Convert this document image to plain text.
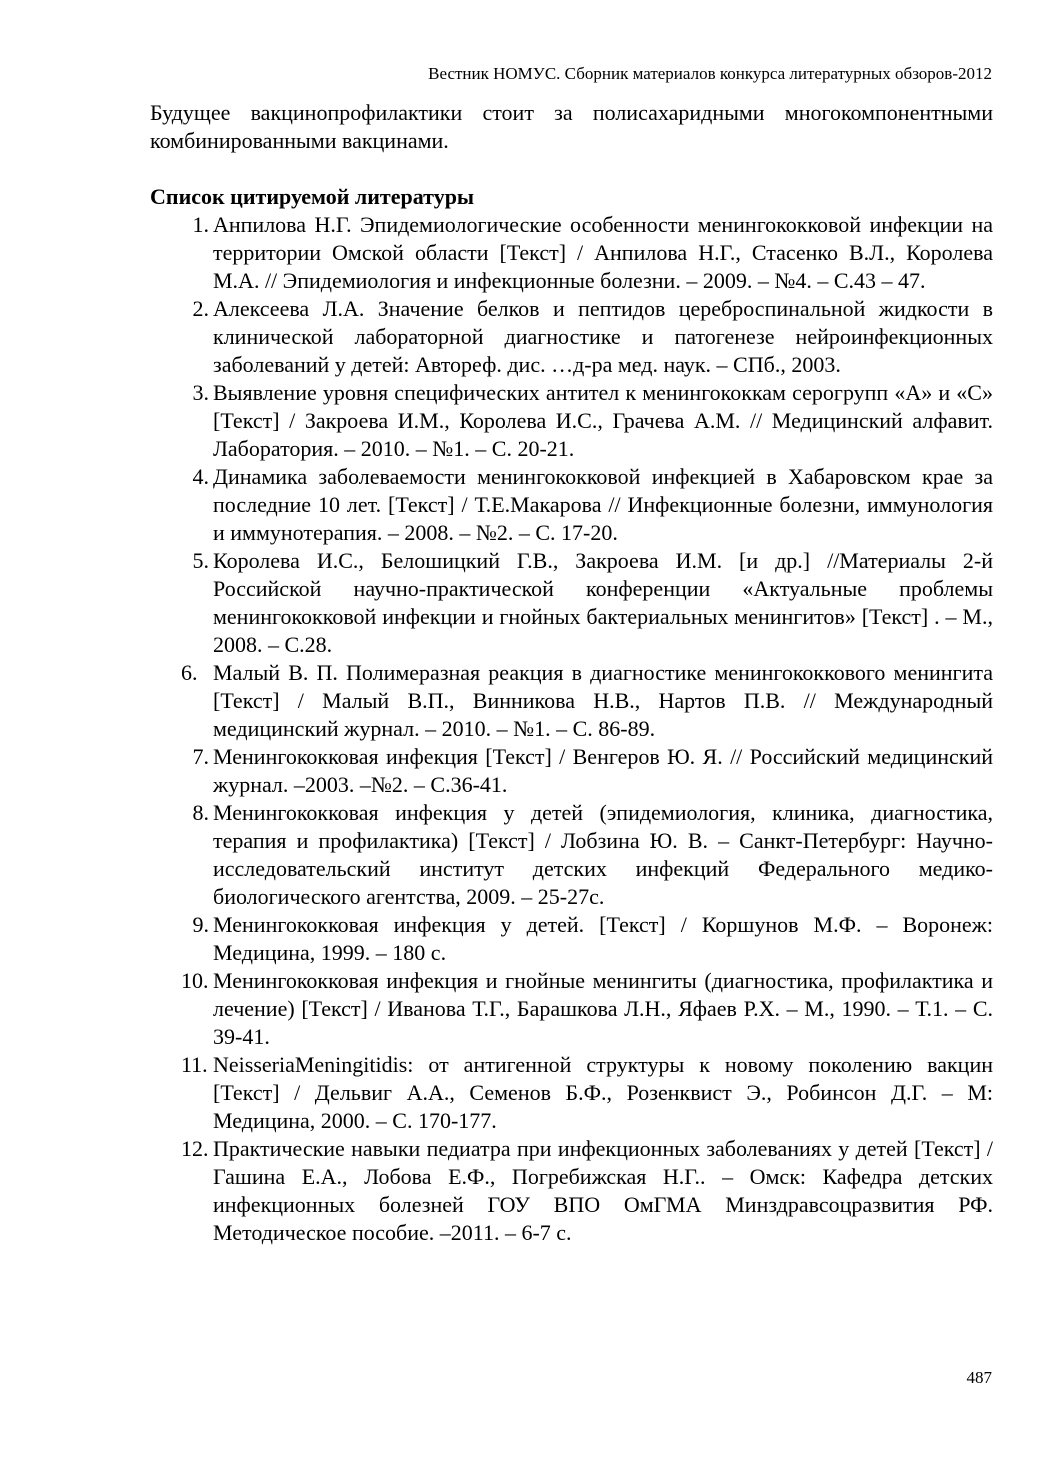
Вестник НОМУС. Сборник материалов конкурса литературных обзоров-2012

Будущее вакцинопрофилактики стоит за полисахаридными многокомпонентными комбинированными вакцинами.

Список цитируемой литературы
1. Анпилова Н.Г. Эпидемиологические особенности менингококковой инфекции на территории Омской области [Текст] / Анпилова Н.Г., Стасенко В.Л., Королева М.А. // Эпидемиология и инфекционные болезни. – 2009. – №4. – С.43 – 47.
2. Алексеева Л.А. Значение белков и пептидов цереброспинальной жидкости в клинической лабораторной диагностике и патогенезе нейроинфекционных заболеваний у детей: Автореф. дис. …д-ра мед. наук. – СПб., 2003.
3. Выявление уровня специфических антител к менингококкам серогрупп «А» и «С» [Текст] / Закроева И.М., Королева И.С., Грачева А.М. // Медицинский алфавит. Лаборатория. – 2010. – №1. – С. 20-21.
4. Динамика заболеваемости менингококковой инфекцией в Хабаровском крае за последние 10 лет. [Текст] / Т.Е.Макарова // Инфекционные болезни, иммунология и иммунотерапия. – 2008. – №2. – С. 17-20.
5. Королева И.С., Белошицкий Г.В., Закроева И.М. [и др.] //Материалы 2-й Российской научно-практической конференции «Актуальные проблемы менингококковой инфекции и гнойных бактериальных менингитов» [Текст] . – М., 2008. – С.28.
6. Малый В. П. Полимеразная реакция в диагностике менингококкового менингита [Текст] / Малый В.П., Винникова Н.В., Нартов П.В. // Международный медицинский журнал. – 2010. – №1. – С. 86-89.
7. Менингококковая инфекция [Текст] / Венгеров Ю. Я. // Российский медицинский журнал. –2003. –№2. – С.36-41.
8. Менингококковая инфекция у детей (эпидемиология, клиника, диагностика, терапия и профилактика) [Текст] / Лобзина Ю. В. – Санкт-Петербург: Научно-исследовательский институт детских инфекций Федерального медико-биологического агентства, 2009. – 25-27с.
9. Менингококковая инфекция у детей. [Текст] / Коршунов М.Ф. – Воронеж: Медицина, 1999. – 180 с.
10. Менингококковая инфекция и гнойные менингиты (диагностика, профилактика и лечение) [Текст] / Иванова Т.Г., Барашкова Л.Н., Яфаев Р.Х. – М., 1990. – Т.1. – С. 39-41.
11. NeisseriaMeningitidis: от антигенной структуры к новому поколению вакцин [Текст] / Дельвиг А.А., Семенов Б.Ф., Розенквист Э., Робинсон Д.Г. – М: Медицина, 2000. – С. 170-177.
12. Практические навыки педиатра при инфекционных заболеваниях у детей [Текст] / Гашина Е.А., Лобова Е.Ф., Погребижская Н.Г.. – Омск: Кафедра детских инфекционных болезней ГОУ ВПО ОмГМА Минздравсоцразвития РФ. Методическое пособие. –2011. – 6-7 с.
487
